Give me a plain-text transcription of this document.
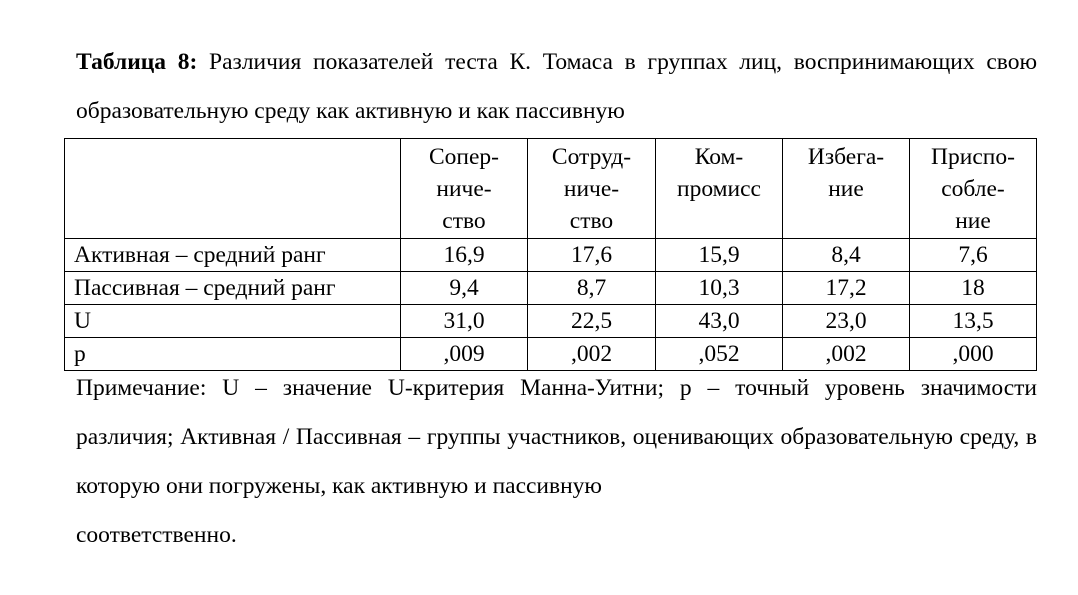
Таблица 8: Различия показателей теста К. Томаса в группах лиц, воспринимающих свою образовательную среду как активную и как пассивную

	Сопер-
ниче-
ство	Сотруд-
ниче-
ство	Ком-
промисс	Избега-
ние	Приспо-
собле-
ние

Активная – средний ранг	16,9	17,6	15,9	8,4	7,6
Пассивная – средний ранг	9,4	8,7	10,3	17,2	18
U	31,0	22,5	43,0	23,0	13,5
p	,009	,002	,052	,002	,000
Примечание: U – значение U-критерия Манна-Уитни; p – точный уровень значимости различия; Активная / Пассивная – группы участников, оценивающих образовательную среду, в которую они погружены, как активную и пассивную
соответственно.
